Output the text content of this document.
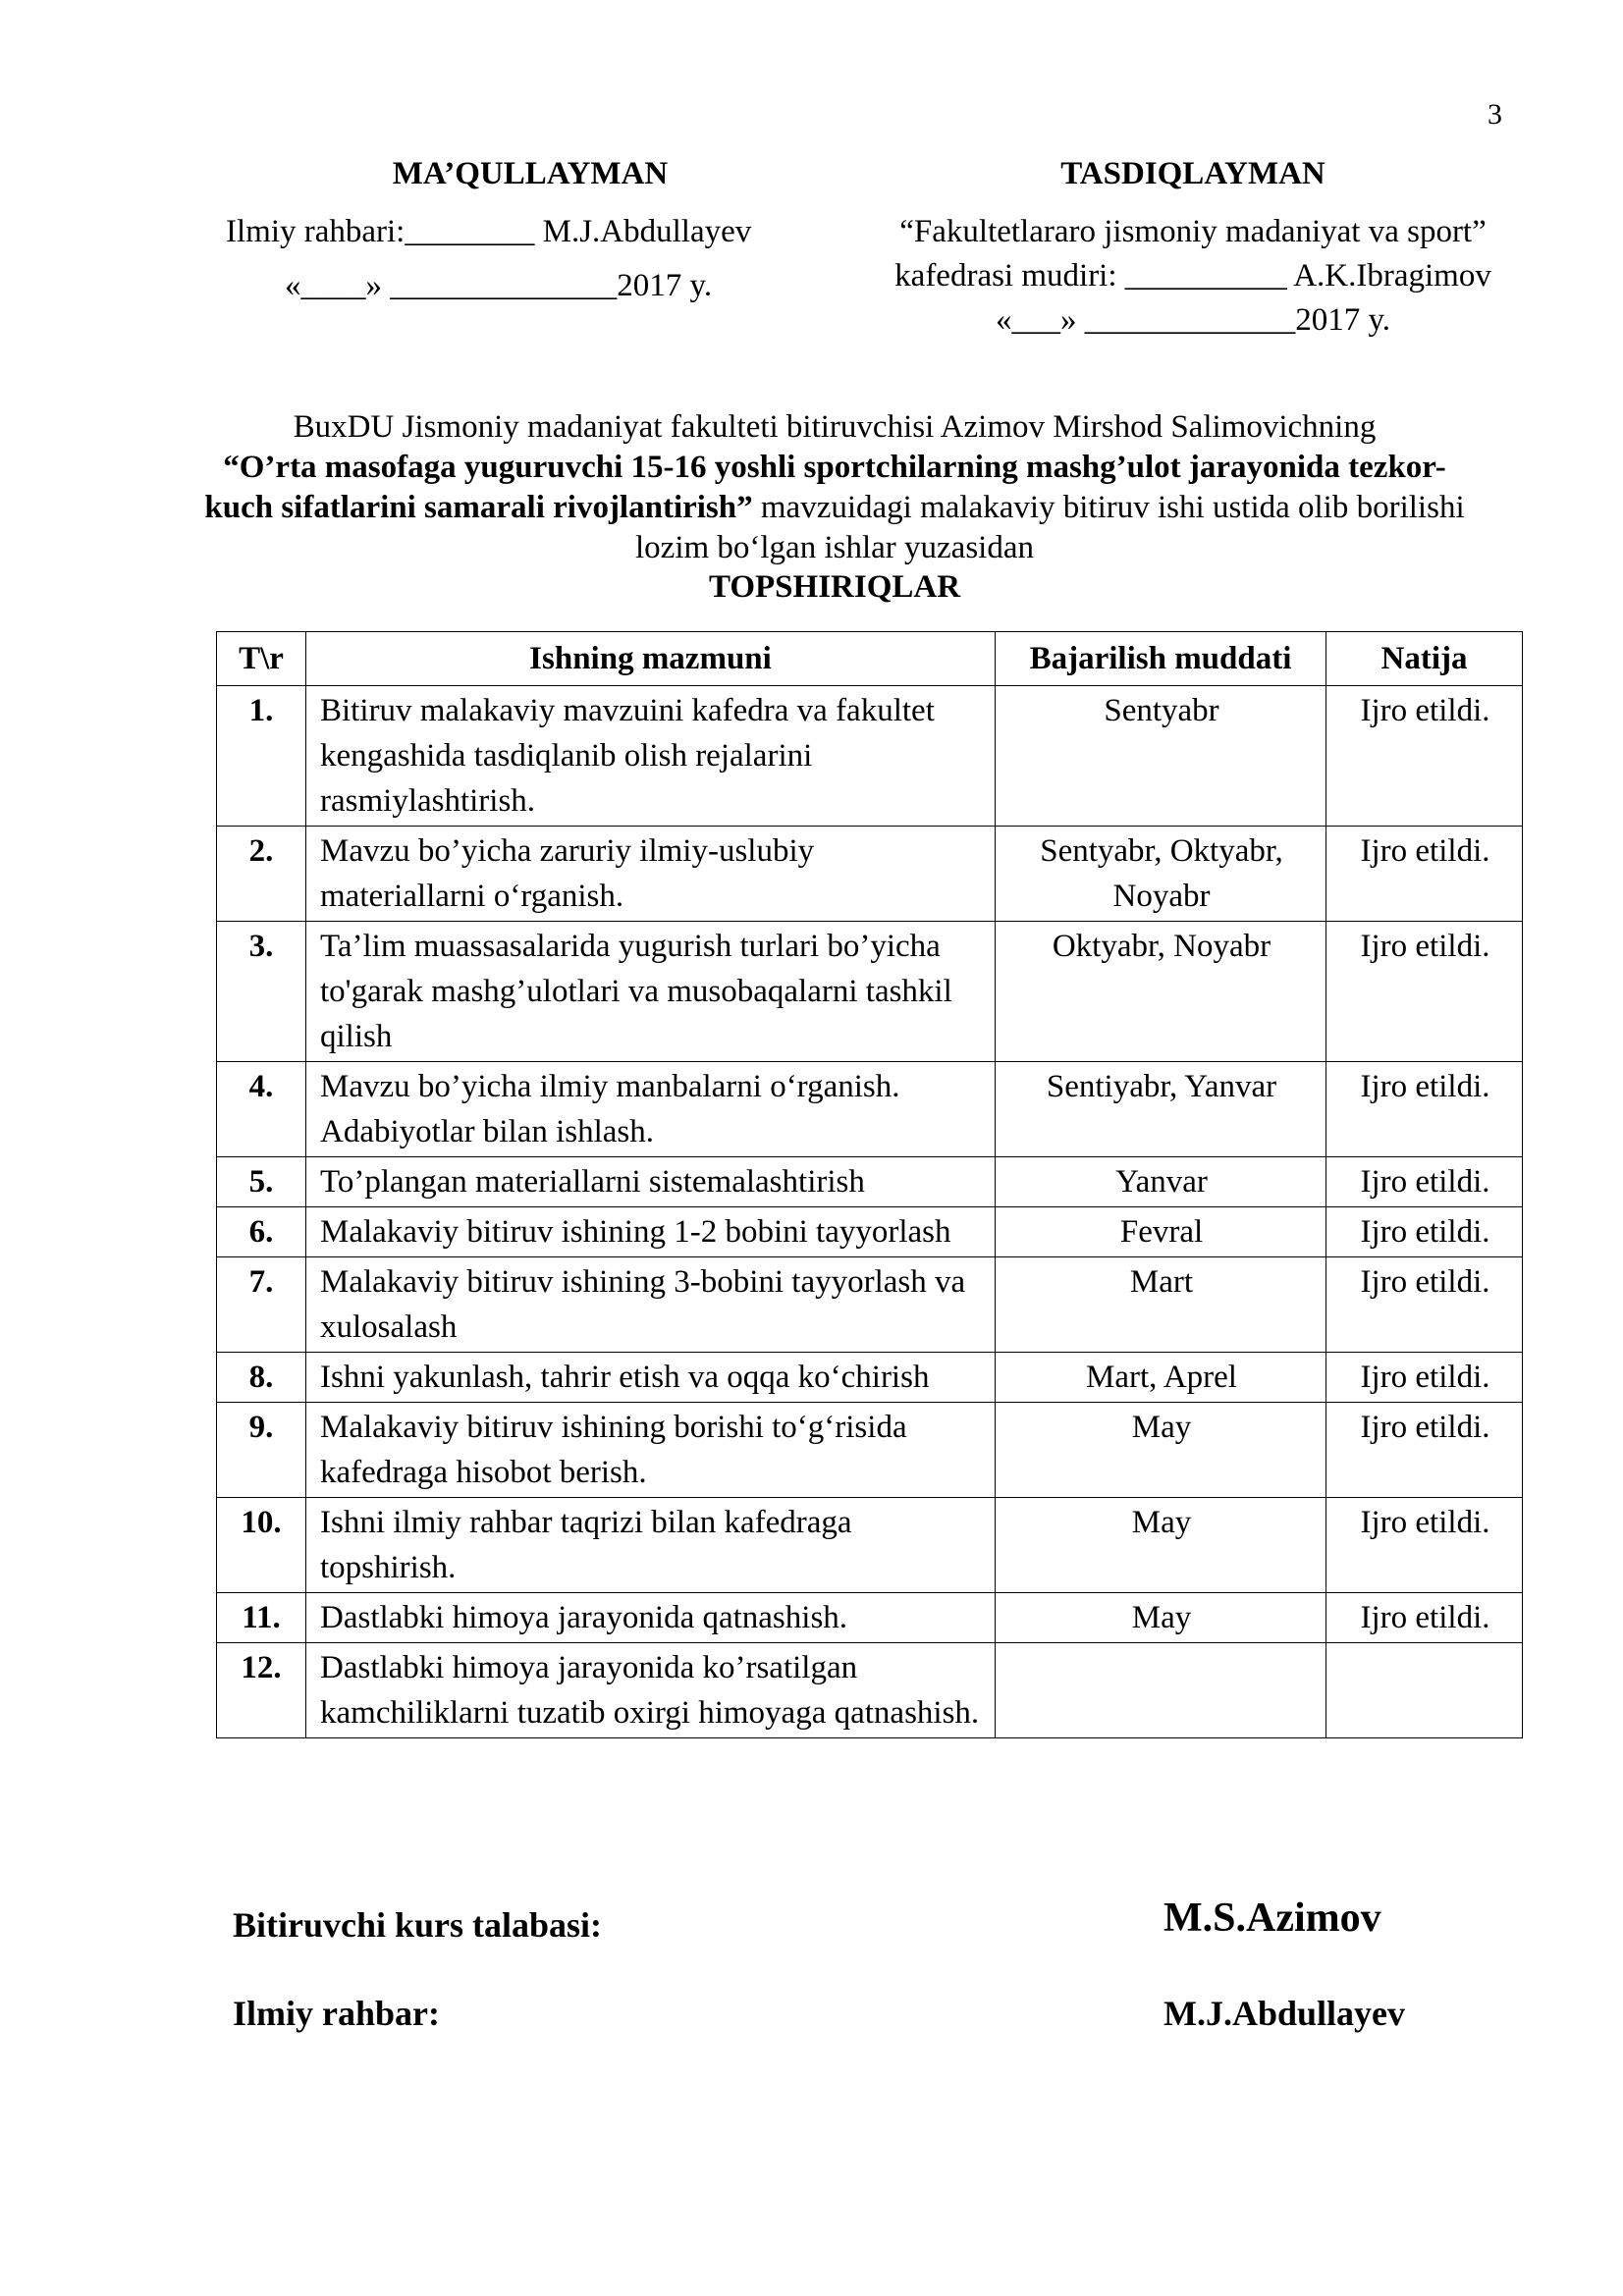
3
MA’QULLAYMAN
Ilmiy rahbari:________ M.J.Abdullayev
«____» ______________2017 y.
TASDIQLAYMAN
“Fakultetlararo jismoniy madaniyat va sport”
kafedrasi mudiri: __________ A.K.Ibragimov
«___» _____________2017 y.
BuxDU Jismoniy madaniyat fakulteti bitiruvchisi Azimov Mirshod Salimovichning
“O’rta masofaga yuguruvchi 15-16 yoshli sportchilarning mashg’ulot jarayonida tezkor-kuch sifatlarini samarali rivojlantirish” mavzuidagi malakaviy bitiruv ishi ustida olib borilishi lozim bo‘lgan ishlar yuzasidan
TOPSHIRIQLAR
T\r	Ishning mazmuni	Bajarilish muddati	Natija
1.	Bitiruv malakaviy mavzuini kafedra va fakultet kengashida tasdiqlanib olish rejalarini rasmiylashtirish.	Sentyabr	Ijro etildi.
2.	Mavzu bo’yicha zaruriy ilmiy-uslubiy materiallarni o‘rganish.	Sentyabr, Oktyabr, Noyabr	Ijro etildi.
3.	Ta’lim muassasalarida yugurish turlari bo’yicha to'garak mashg’ulotlari va musobaqalarni tashkil qilish	Oktyabr, Noyabr	Ijro etildi.
4.	Mavzu bo’yicha ilmiy manbalarni o‘rganish. Adabiyotlar bilan ishlash.	Sentiyabr, Yanvar	Ijro etildi.
5.	To’plangan materiallarni sistemalashtirish	Yanvar	Ijro etildi.
6.	Malakaviy bitiruv ishining 1-2 bobini tayyorlash	Fevral	Ijro etildi.
7.	Malakaviy bitiruv ishining 3-bobini tayyorlash va xulosalash	Mart	Ijro etildi.
8.	Ishni yakunlash, tahrir etish va oqqa ko‘chirish	Mart, Aprel	Ijro etildi.
9.	Malakaviy bitiruv ishining borishi to‘g‘risida kafedraga hisobot berish.	May	Ijro etildi.
10.	Ishni ilmiy rahbar taqrizi bilan kafedraga topshirish.	May	Ijro etildi.
11.	Dastlabki himoya jarayonida qatnashish.	May	Ijro etildi.
12.	Dastlabki himoya jarayonida ko’rsatilgan kamchiliklarni tuzatib oxirgi himoyaga qatnashish.		
Bitiruvchi kurs talabasi:	M.S.Azimov
Ilmiy rahbar:	M.J.Abdullayev
